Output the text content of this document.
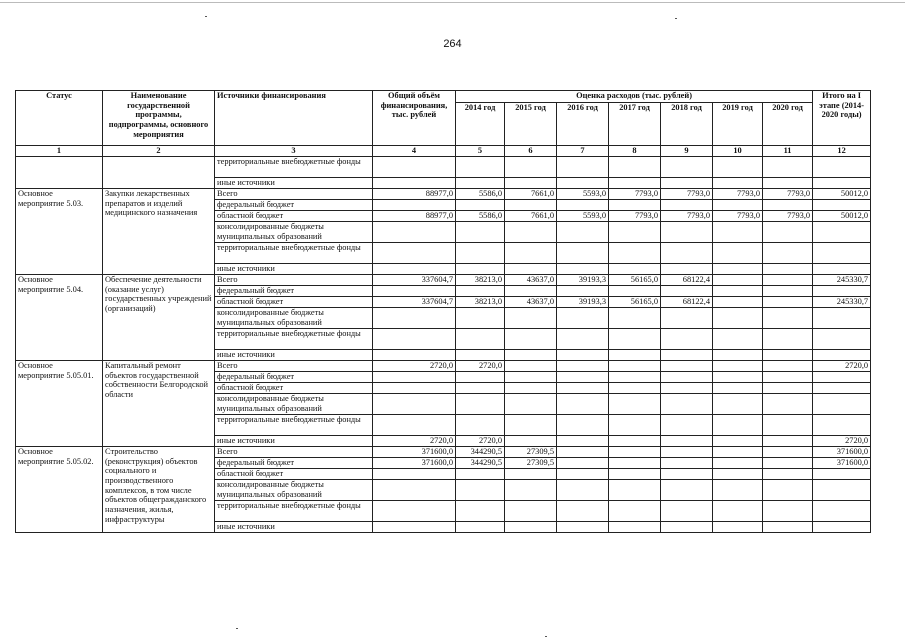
264
Статус	Наименование государственной программы, подпрограммы, основного мероприятия	Источники финансирования	Общий объём финансирования, тыс. рублей	Оценка расходов (тыс. рублей)							Итого на I этапе (2014-2020 годы)
				2014 год	2015 год	2016 год	2017 год	2018 год	2019 год	2020 год	
1	2	3	4	5	6	7	8	9	10	11	12
		территориальные внебюджетные фонды									
		иные источники									
Основное мероприятие 5.03.	Закупки лекарственных препаратов и изделий медицинского назначения	Всего	88977,0	5586,0	7661,0	5593,0	7793,0	7793,0	7793,0	7793,0	50012,0
		федеральный бюджет									
		областной бюджет	88977,0	5586,0	7661,0	5593,0	7793,0	7793,0	7793,0	7793,0	50012,0
		консолидированные бюджеты муниципальных образований									
		территориальные внебюджетные фонды									
		иные источники									
Основное мероприятие 5.04.	Обеспечение деятельности (оказание услуг) государственных учреждений (организаций)	Всего	337604,7	38213,0	43637,0	39193,3	56165,0	68122,4			245330,7
		федеральный бюджет									
		областной бюджет	337604,7	38213,0	43637,0	39193,3	56165,0	68122,4			245330,7
		консолидированные бюджеты муниципальных образований									
		территориальные внебюджетные фонды									
		иные источники									
Основное мероприятие 5.05.01.	Капитальный ремонт объектов государственной собственности Белгородской области	Всего	2720,0	2720,0							2720,0
		федеральный бюджет									
		областной бюджет									
		консолидированные бюджеты муниципальных образований									
		территориальные внебюджетные фонды									
		иные источники	2720,0	2720,0							2720,0
Основное мероприятие 5.05.02.	Строительство (реконструкция) объектов социального и производственного комплексов, в том числе объектов общегражданского назначения, жилья, инфраструктуры	Всего	371600,0	344290,5	27309,5						371600,0
		федеральный бюджет	371600,0	344290,5	27309,5						371600,0
		областной бюджет									
		консолидированные бюджеты муниципальных образований									
		территориальные внебюджетные фонды									
		иные источники									
